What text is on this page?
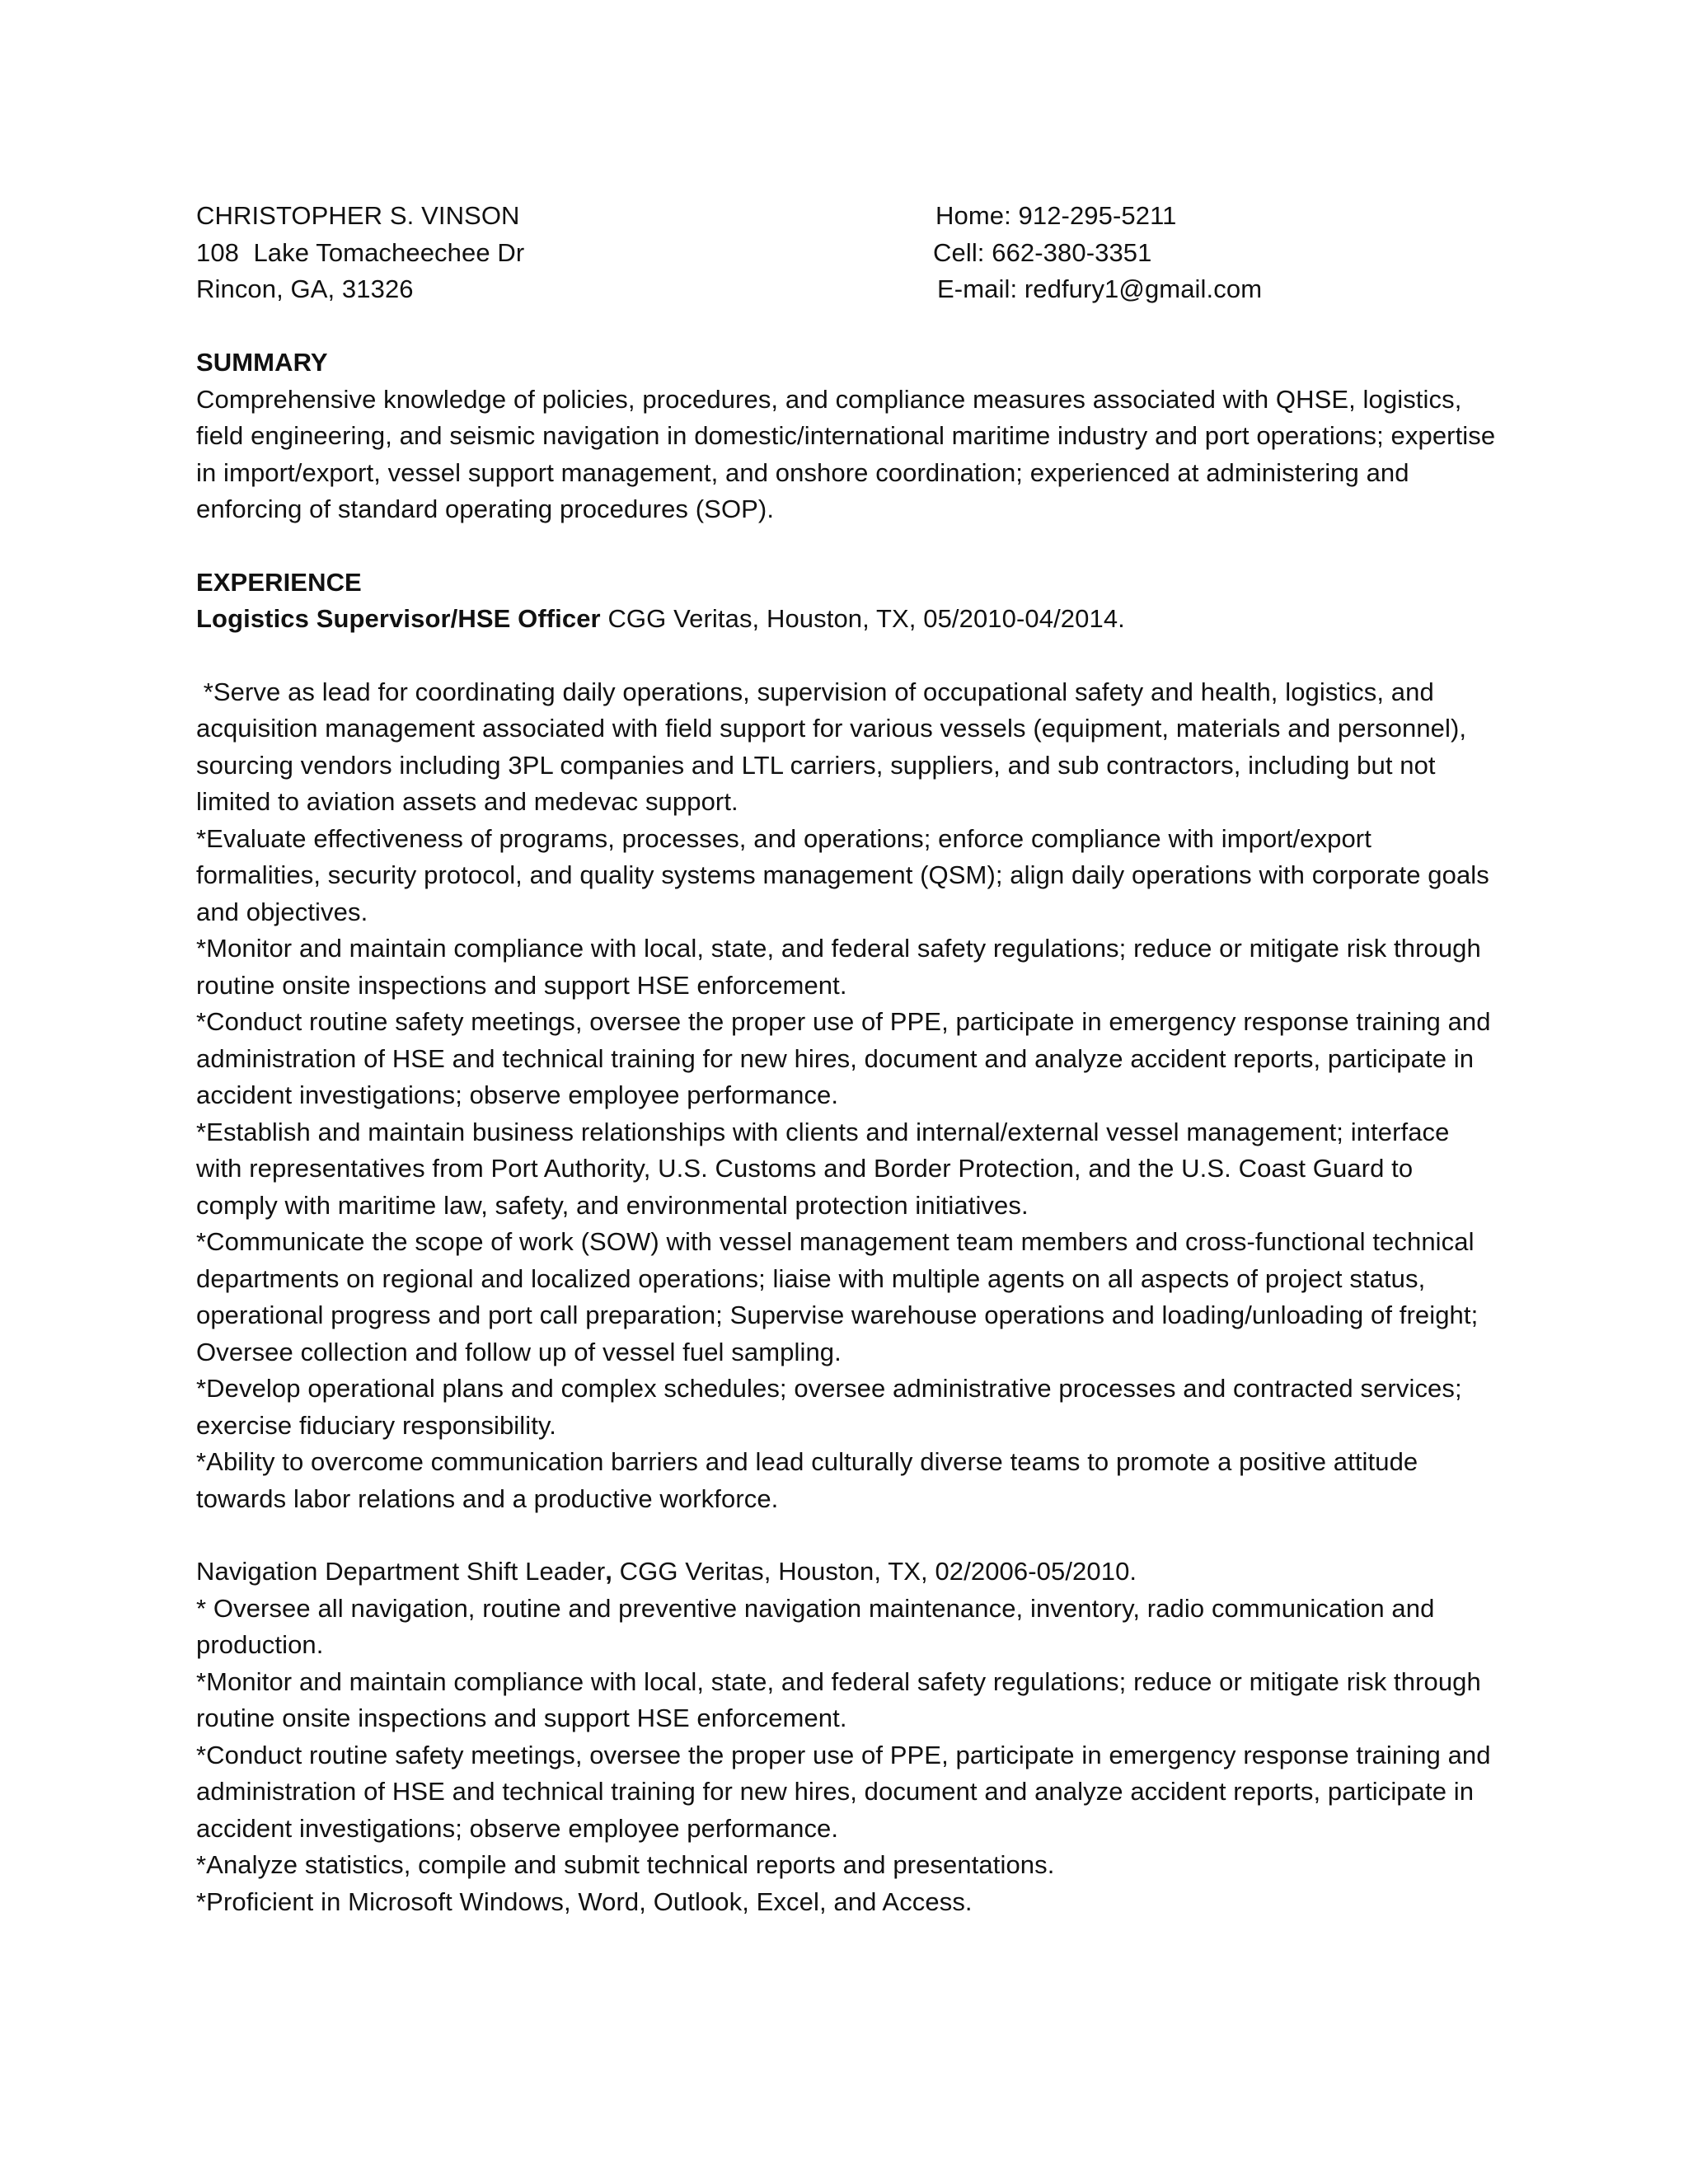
CHRISTOPHER S. VINSON
108  Lake Tomacheechee Dr
Rincon, GA, 31326
Home: 912-295-5211
Cell: 662-380-3351
E-mail: redfury1@gmail.com
SUMMARY

Comprehensive knowledge of policies, procedures, and compliance measures associated with QHSE, logistics, field engineering, and seismic navigation in domestic/international maritime industry and port operations; expertise in import/export, vessel support management, and onshore coordination; experienced at administering and enforcing of standard operating procedures (SOP).

EXPERIENCE
Logistics Supervisor/HSE Officer CGG Veritas, Houston, TX, 05/2010-04/2014.

*Serve as lead for coordinating daily operations, supervision of occupational safety and health, logistics, and acquisition management associated with field support for various vessels (equipment, materials and personnel), sourcing vendors including 3PL companies and LTL carriers, suppliers, and sub contractors, including but not limited to aviation assets and medevac support.

*Evaluate effectiveness of programs, processes, and operations; enforce compliance with import/export formalities, security protocol, and quality systems management (QSM); align daily operations with corporate goals and objectives.

*Monitor and maintain compliance with local, state, and federal safety regulations; reduce or mitigate risk through routine onsite inspections and support HSE enforcement.

*Conduct routine safety meetings, oversee the proper use of PPE, participate in emergency response training and administration of HSE and technical training for new hires, document and analyze accident reports, participate in accident investigations; observe employee performance.

*Establish and maintain business relationships with clients and internal/external vessel management; interface with representatives from Port Authority, U.S. Customs and Border Protection, and the U.S. Coast Guard to comply with maritime law, safety, and environmental protection initiatives.

*Communicate the scope of work (SOW) with vessel management team members and cross-functional technical departments on regional and localized operations; liaise with multiple agents on all aspects of project status, operational progress and port call preparation; Supervise warehouse operations and loading/unloading of freight; Oversee collection and follow up of vessel fuel sampling.

*Develop operational plans and complex schedules; oversee administrative processes and contracted services; exercise fiduciary responsibility.

*Ability to overcome communication barriers and lead culturally diverse teams to promote a positive attitude towards labor relations and a productive workforce.

Navigation Department Shift Leader, CGG Veritas, Houston, TX, 02/2006-05/2010.

* Oversee all navigation, routine and preventive navigation maintenance, inventory, radio communication and production.

*Monitor and maintain compliance with local, state, and federal safety regulations; reduce or mitigate risk through routine onsite inspections and support HSE enforcement.

*Conduct routine safety meetings, oversee the proper use of PPE, participate in emergency response training and administration of HSE and technical training for new hires, document and analyze accident reports, participate in accident investigations; observe employee performance.

*Analyze statistics, compile and submit technical reports and presentations.

*Proficient in Microsoft Windows, Word, Outlook, Excel, and Access.
